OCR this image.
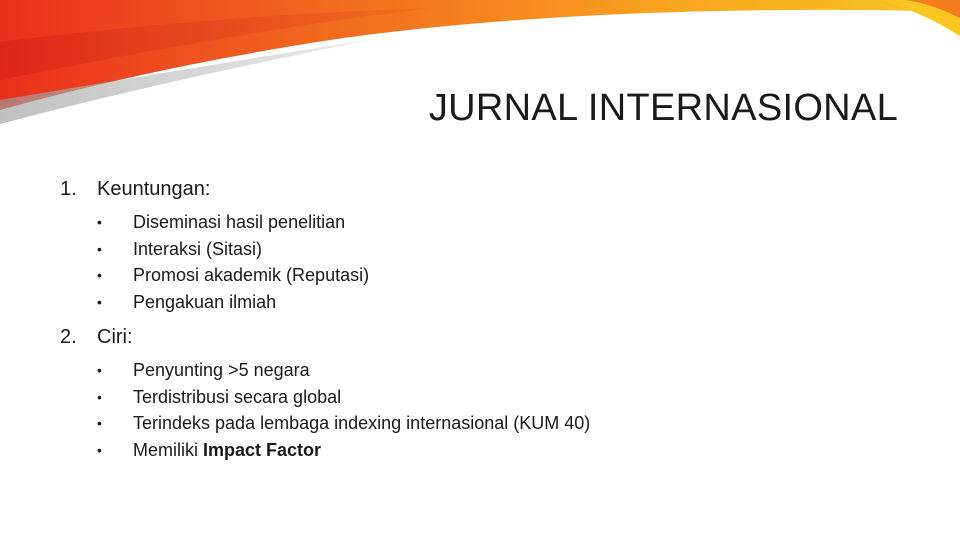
JURNAL INTERNASIONAL
1.	Keuntungan:
•	Diseminasi hasil penelitian
•	Interaksi (Sitasi)
•	Promosi akademik (Reputasi)
•	Pengakuan ilmiah
2.	Ciri:
•	Penyunting >5 negara
•	Terdistribusi secara global
•	Terindeks pada lembaga indexing internasional (KUM 40)
•	Memiliki Impact Factor
